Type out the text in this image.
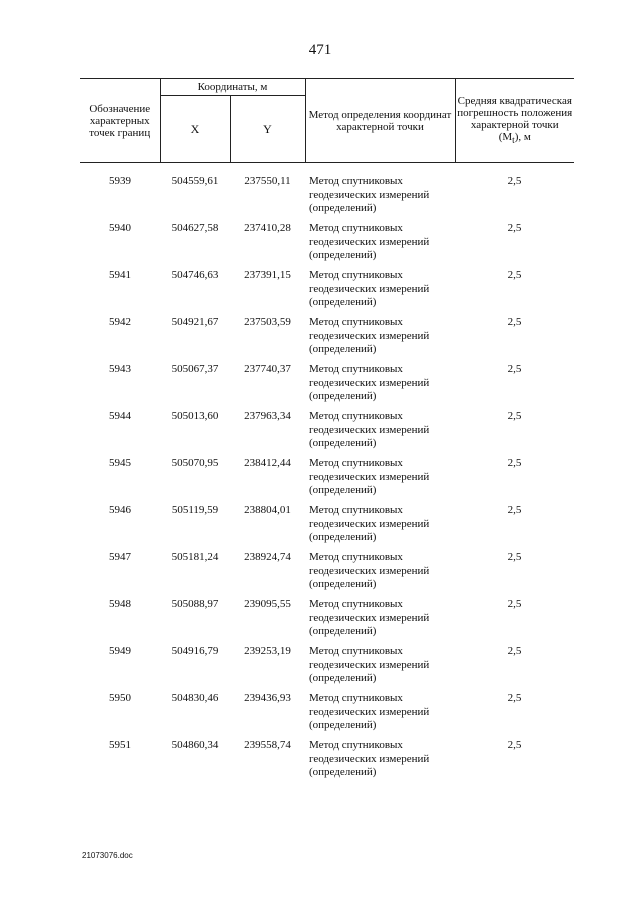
471
Обозначение характерных точек границ	Координаты, м		Метод определения координат характерной точки	Средняя квадратическая погрешность положения характерной точки
$(M_t)$, м
	X	Y		

5939	504559,61	237550,11	Метод спутниковых геодезических измерений (определений)	2,5
5940	504627,58	237410,28	Метод спутниковых геодезических измерений (определений)	2,5
5941	504746,63	237391,15	Метод спутниковых геодезических измерений (определений)	2,5
5942	504921,67	237503,59	Метод спутниковых геодезических измерений (определений)	2,5
5943	505067,37	237740,37	Метод спутниковых геодезических измерений (определений)	2,5
5944	505013,60	237963,34	Метод спутниковых геодезических измерений (определений)	2,5
5945	505070,95	238412,44	Метод спутниковых геодезических измерений (определений)	2,5
5946	505119,59	238804,01	Метод спутниковых геодезических измерений (определений)	2,5
5947	505181,24	238924,74	Метод спутниковых геодезических измерений (определений)	2,5
5948	505088,97	239095,55	Метод спутниковых геодезических измерений (определений)	2,5
5949	504916,79	239253,19	Метод спутниковых геодезических измерений (определений)	2,5
5950	504830,46	239436,93	Метод спутниковых геодезических измерений (определений)	2,5
5951	504860,34	239558,74	Метод спутниковых геодезических измерений (определений)	2,5
21073076.doc
